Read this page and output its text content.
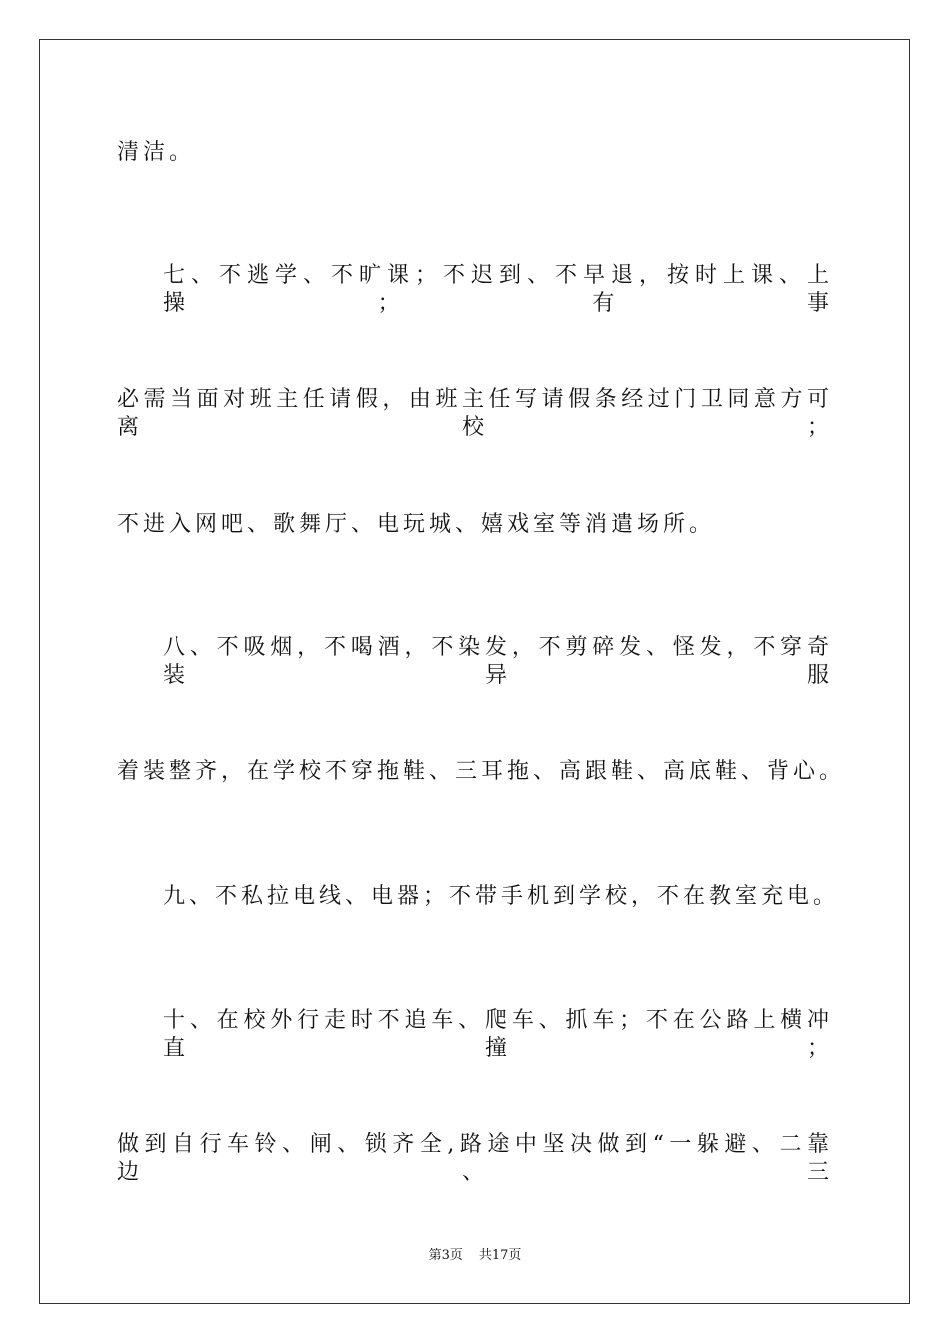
清洁。
七、不逃学、不旷课；不迟到、不早退，按时上课、上操；有事
必需当面对班主任请假，由班主任写请假条经过门卫同意方可离校；
不进入网吧、歌舞厅、电玩城、嬉戏室等消遣场所。
八、不吸烟，不喝酒，不染发，不剪碎发、怪发，不穿奇装异服
着装整齐，在学校不穿拖鞋、三耳拖、高跟鞋、高底鞋、背心。
九、不私拉电线、电器；不带手机到学校，不在教室充电。
十、在校外行走时不追车、爬车、抓车；不在公路上横冲直撞；
做到自行车铃、闸、锁齐全,路途中坚决做到“一躲避、二靠边、三
第3页 共17页
